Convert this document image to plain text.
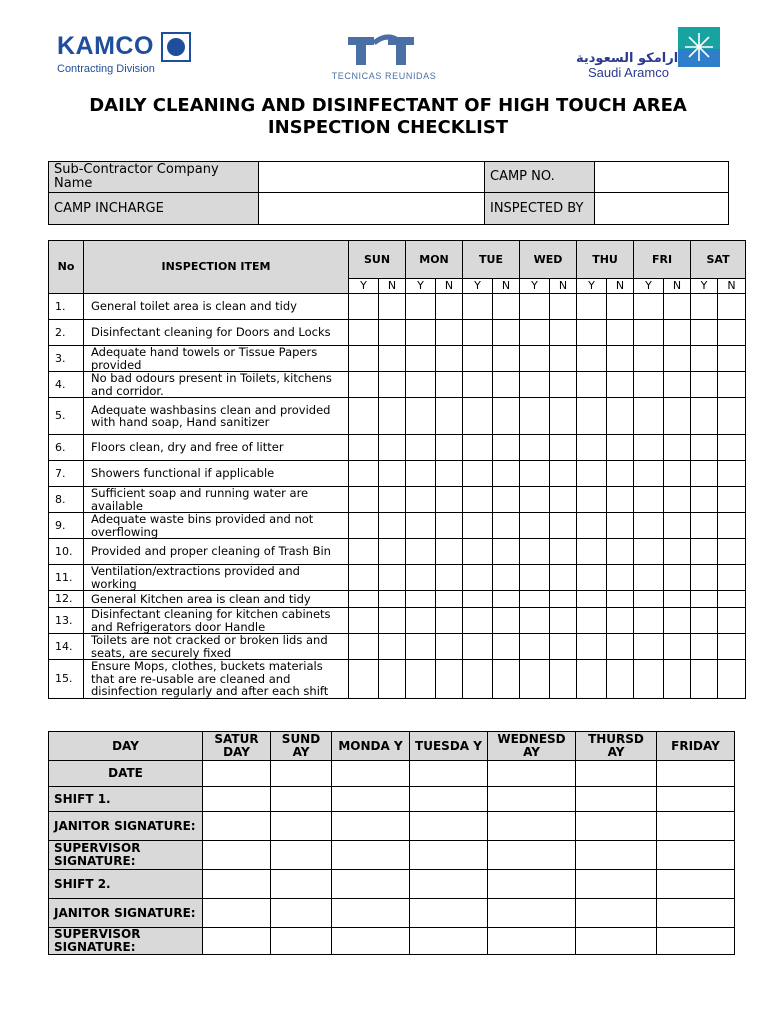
KAMCO
Contracting Division
TECNICAS REUNIDAS
ارامكو السعودية
Saudi Aramco
DAILY CLEANING AND DISINFECTANT OF HIGH TOUCH AREA
INSPECTION CHECKLIST
Sub-Contractor Company Name		CAMP NO.	
CAMP INCHARGE		INSPECTED BY	
No	INSPECTION ITEM	SUN		MON		TUE		WED		THU		FRI		SAT	
		Y	N	Y	N	Y	N	Y	N	Y	N	Y	N	Y	N
1.	General toilet area is clean and tidy														
2.	Disinfectant cleaning for Doors and Locks														
3.	Adequate hand towels or Tissue Papers provided														
4.	No bad odours present in Toilets, kitchens and corridor.														
5.	Adequate washbasins clean and provided with hand soap, Hand sanitizer														
6.	Floors clean, dry and free of litter														
7.	Showers functional if applicable														
8.	Sufficient soap and running water are available														
9.	Adequate waste bins provided and not overflowing														
10.	Provided and proper cleaning of Trash Bin														
11.	Ventilation/extractions provided and working														
12.	General Kitchen area is clean and tidy														
13.	Disinfectant cleaning for kitchen cabinets and Refrigerators door Handle														
14.	Toilets are not cracked or broken lids and seats, are securely fixed														
15.	Ensure Mops, clothes, buckets materials that are re-usable are cleaned and disinfection regularly and after each shift														
DAY	SATUR DAY	SUND AY	MONDA Y	TUESDA Y	WEDNESD AY	THURSD AY	FRIDAY
DATE							
SHIFT 1.							
JANITOR SIGNATURE:							
SUPERVISOR SIGNATURE:							
SHIFT 2.							
JANITOR SIGNATURE:							
SUPERVISOR SIGNATURE:							
